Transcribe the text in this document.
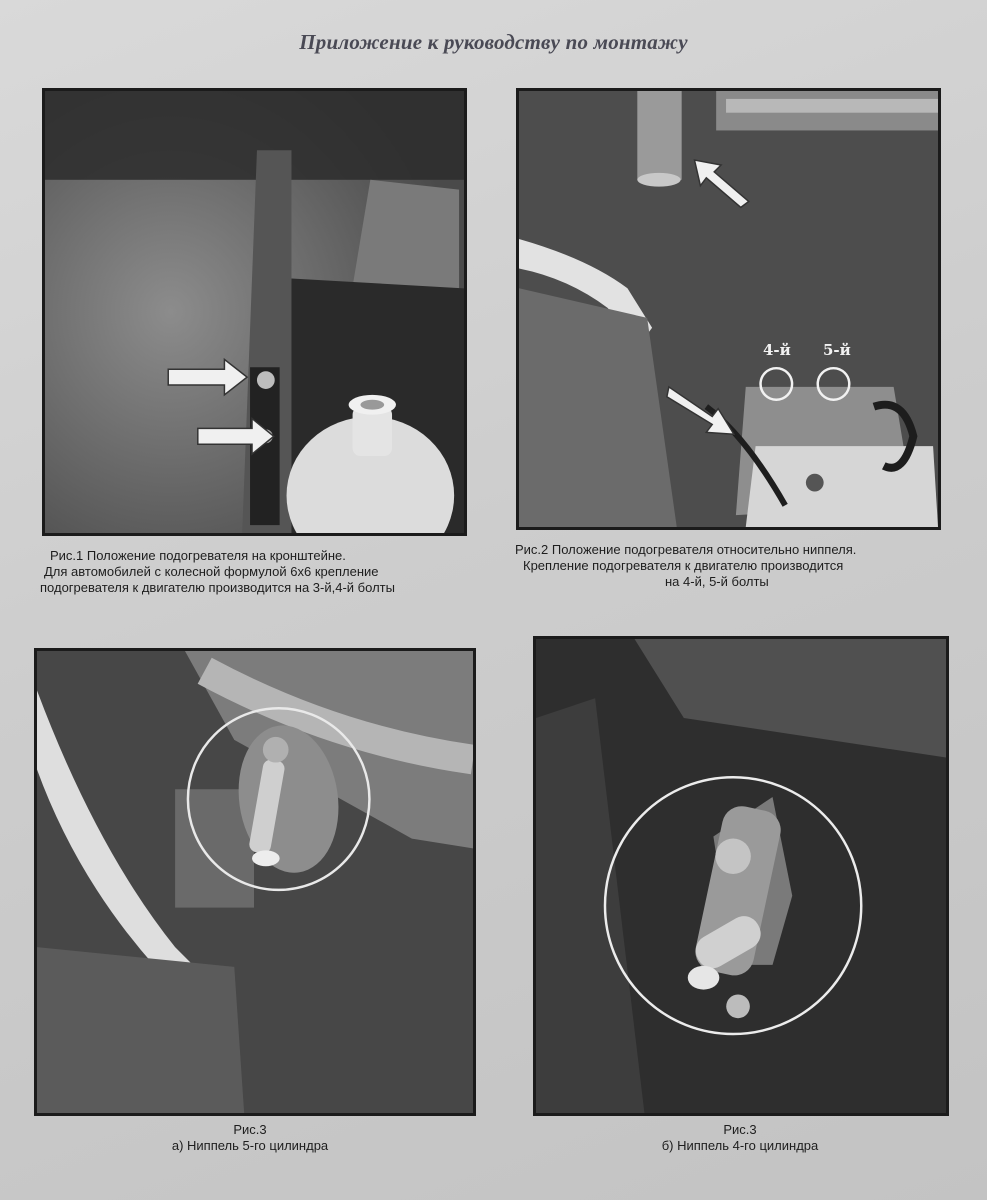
Приложение к руководству по монтажу
4-й 5-й
Рис.1 Положение подогревателя на кронштейне.
Для автомобилей с колесной формулой 6x6 крепление
подогревателя к двигателю производится на 3-й,4-й болты
Рис.2 Положение подогревателя относительно ниппеля.
Крепление подогревателя к двигателю производится
на 4-й, 5-й болты
Рис.3
а) Ниппель 5-го цилиндра
Рис.3
б) Ниппель 4-го цилиндра
